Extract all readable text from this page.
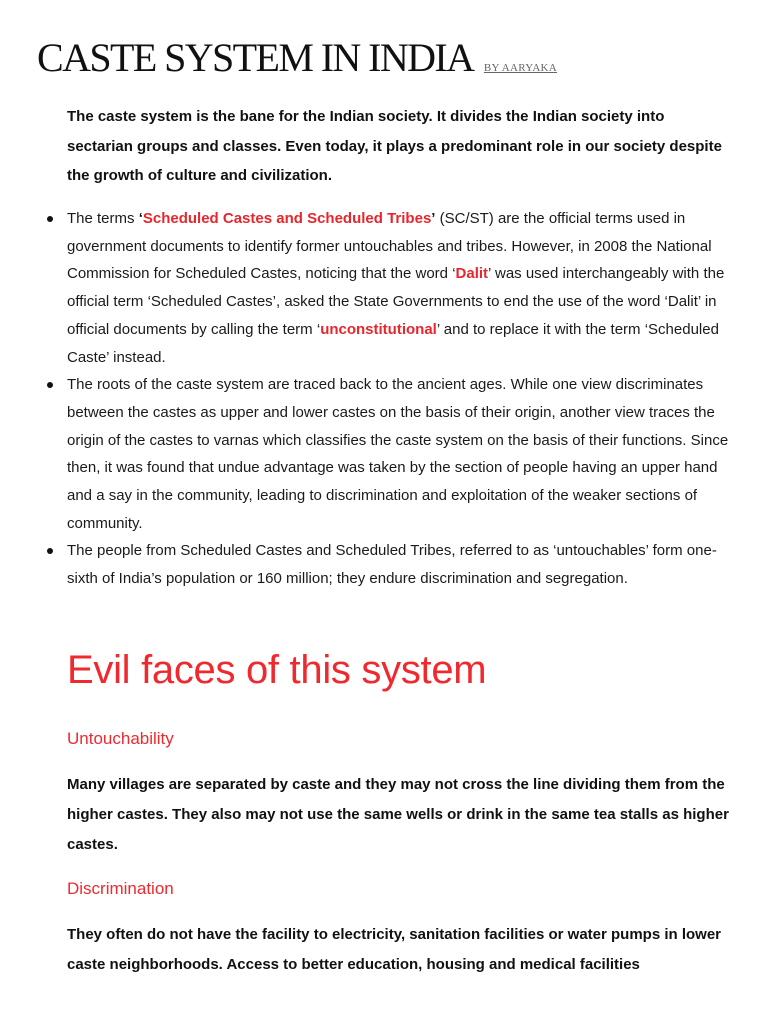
CASTE SYSTEM IN INDIA BY AARYAKA

The caste system is the bane for the Indian society. It divides the Indian society into sectarian groups and classes. Even today, it plays a predominant role in our society despite the growth of culture and civilization.

The terms ‘Scheduled Castes and Scheduled Tribes’ (SC/ST) are the official terms used in government documents to identify former untouchables and tribes. However, in 2008 the National Commission for Scheduled Castes, noticing that the word ‘Dalit’ was used interchangeably with the official term ‘Scheduled Castes’, asked the State Governments to end the use of the word ‘Dalit’ in official documents by calling the term ‘unconstitutional’ and to replace it with the term ‘Scheduled Caste’ instead.
The roots of the caste system are traced back to the ancient ages. While one view discriminates between the castes as upper and lower castes on the basis of their origin, another view traces the origin of the castes to varnas which classifies the caste system on the basis of their functions. Since then, it was found that undue advantage was taken by the section of people having an upper hand and a say in the community, leading to discrimination and exploitation of the weaker sections of community.
The people from Scheduled Castes and Scheduled Tribes, referred to as ‘untouchables’ form one-sixth of India’s population or 160 million; they endure discrimination and segregation.
Evil faces of this system
Untouchability

Many villages are separated by caste and they may not cross the line dividing them from the higher castes. They also may not use the same wells or drink in the same tea stalls as higher castes.

Discrimination

They often do not have the facility to electricity, sanitation facilities or water pumps in lower caste neighborhoods. Access to better education, housing and medical facilities
